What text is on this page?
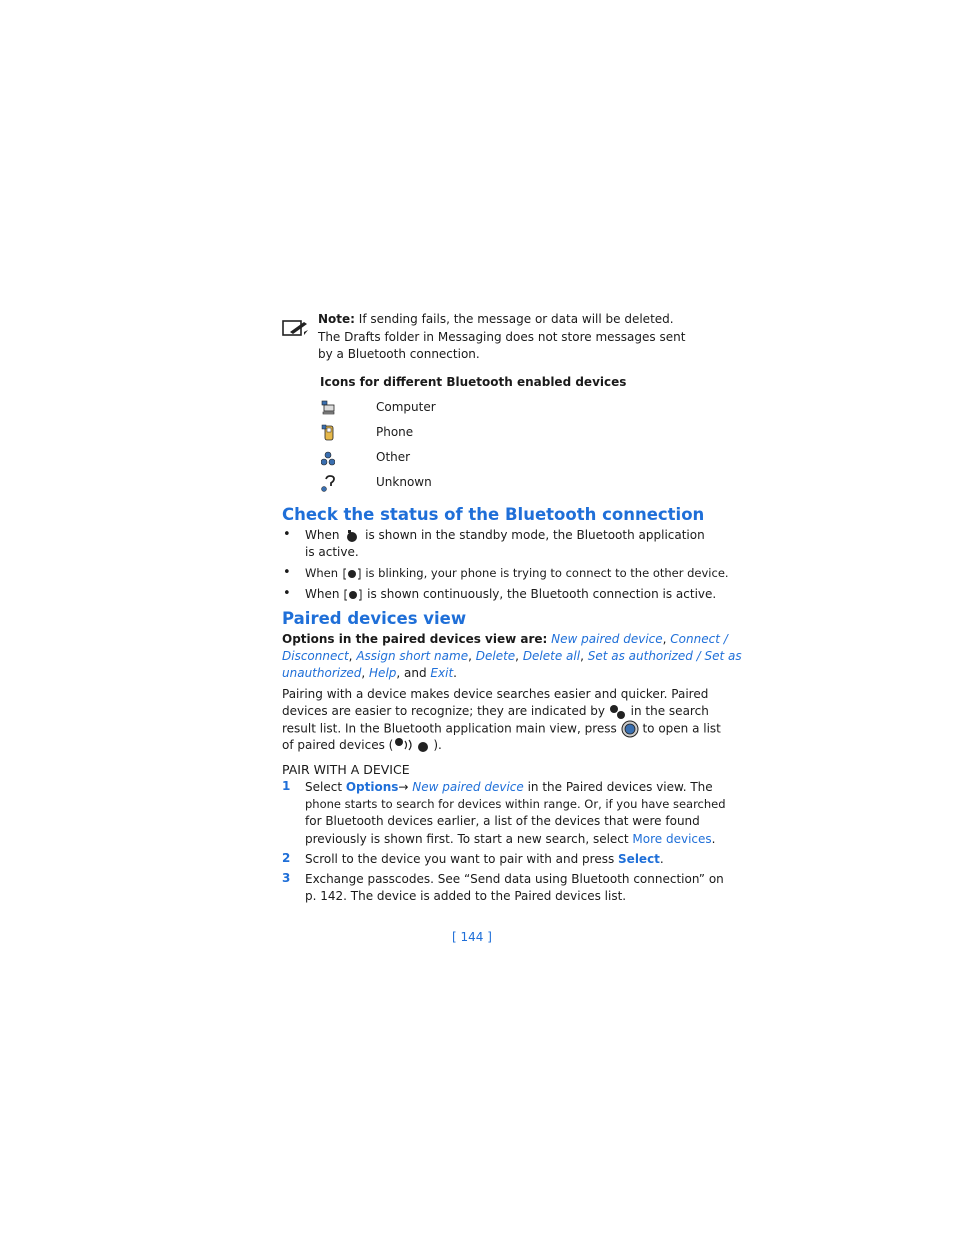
Note: If sending fails, the message or data will be deleted.
The Drafts folder in Messaging does not store messages sent
by a Bluetooth connection.
Icons for different Bluetooth enabled devices
Computer
Phone
Other
Unknown
Check the status of the Bluetooth connection
• When is shown in the standby mode, the Bluetooth application
is active.
• When is blinking, your phone is trying to connect to the other device.
• When is shown continuously, the Bluetooth connection is active.
Paired devices view
Options in the paired devices view are: New paired device, Connect /
Disconnect, Assign short name, Delete, Delete all, Set as authorized / Set as
unauthorized, Help, and Exit.
Pairing with a device makes device searches easier and quicker. Paired
devices are easier to recognize; they are indicated by in the search
result list. In the Bluetooth application main view, press to open a list
of paired devices (	).
PAIR WITH A DEVICE
1 Select Options→ New paired device in the Paired devices view. The
phone starts to search for devices within range. Or, if you have searched
for Bluetooth devices earlier, a list of the devices that were found
previously is shown first. To start a new search, select More devices.
2 Scroll to the device you want to pair with and press Select.
3 Exchange passcodes. See “Send data using Bluetooth connection” on
p. 142. The device is added to the Paired devices list.
[ 144 ]
